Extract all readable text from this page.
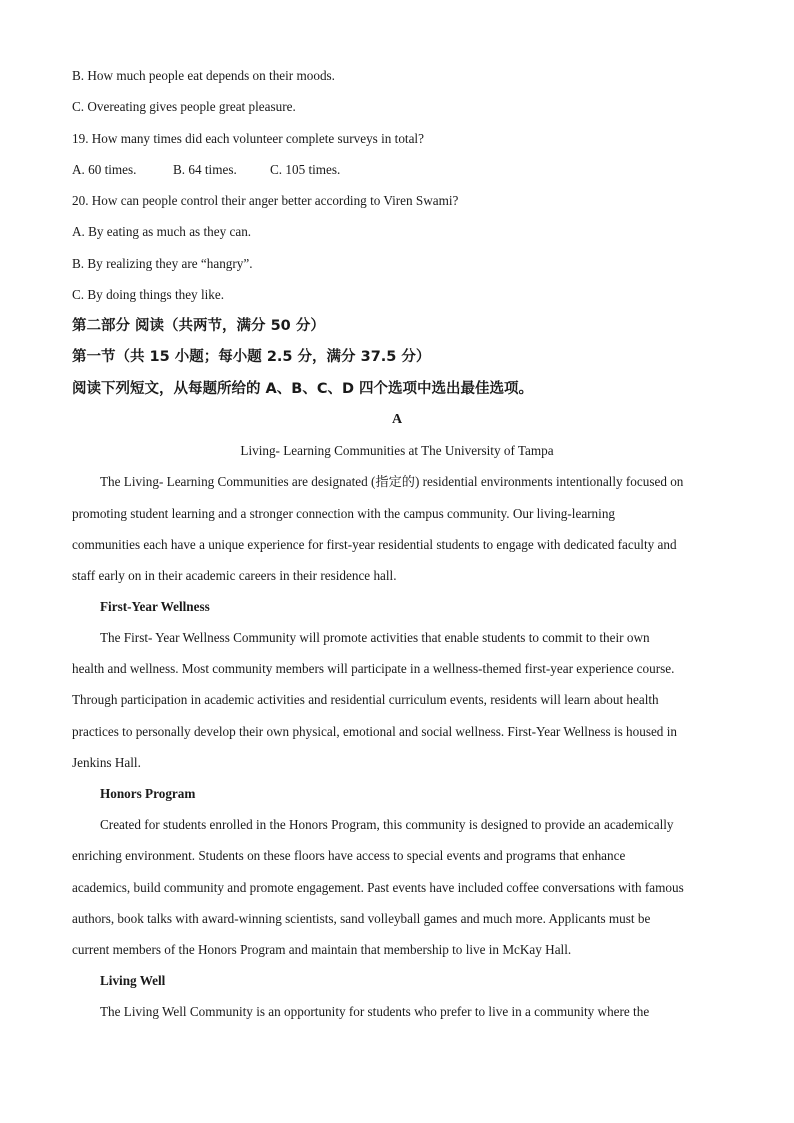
B. How much people eat depends on their moods.
C. Overeating gives people great pleasure.
19. How many times did each volunteer complete surveys in total?
A. 60 times.	B. 64 times.	C. 105 times.
20. How can people control their anger better according to Viren Swami?
A. By eating as much as they can.
B. By realizing they are “hangry”.
C. By doing things they like.
第二部分 阅读（共两节，满分 50 分）
第一节（共 15 小题；每小题 2.5 分，满分 37.5 分）
阅读下列短文，从每题所给的 A、B、C、D 四个选项中选出最佳选项。
A
Living- Learning Communities at The University of Tampa
The Living- Learning Communities are designated (指定的) residential environments intentionally focused on
promoting student learning and a stronger connection with the campus community. Our living-learning
communities each have a unique experience for first-year residential students to engage with dedicated faculty and
staff early on in their academic careers in their residence hall.
First-Year Wellness
The First- Year Wellness Community will promote activities that enable students to commit to their own
health and wellness. Most community members will participate in a wellness-themed first-year experience course.
Through participation in academic activities and residential curriculum events, residents will learn about health
practices to personally develop their own physical, emotional and social wellness. First-Year Wellness is housed in
Jenkins Hall.
Honors Program
Created for students enrolled in the Honors Program, this community is designed to provide an academically
enriching environment. Students on these floors have access to special events and programs that enhance
academics, build community and promote engagement. Past events have included coffee conversations with famous
authors, book talks with award-winning scientists, sand volleyball games and much more. Applicants must be
current members of the Honors Program and maintain that membership to live in McKay Hall.
Living Well
The Living Well Community is an opportunity for students who prefer to live in a community where the
